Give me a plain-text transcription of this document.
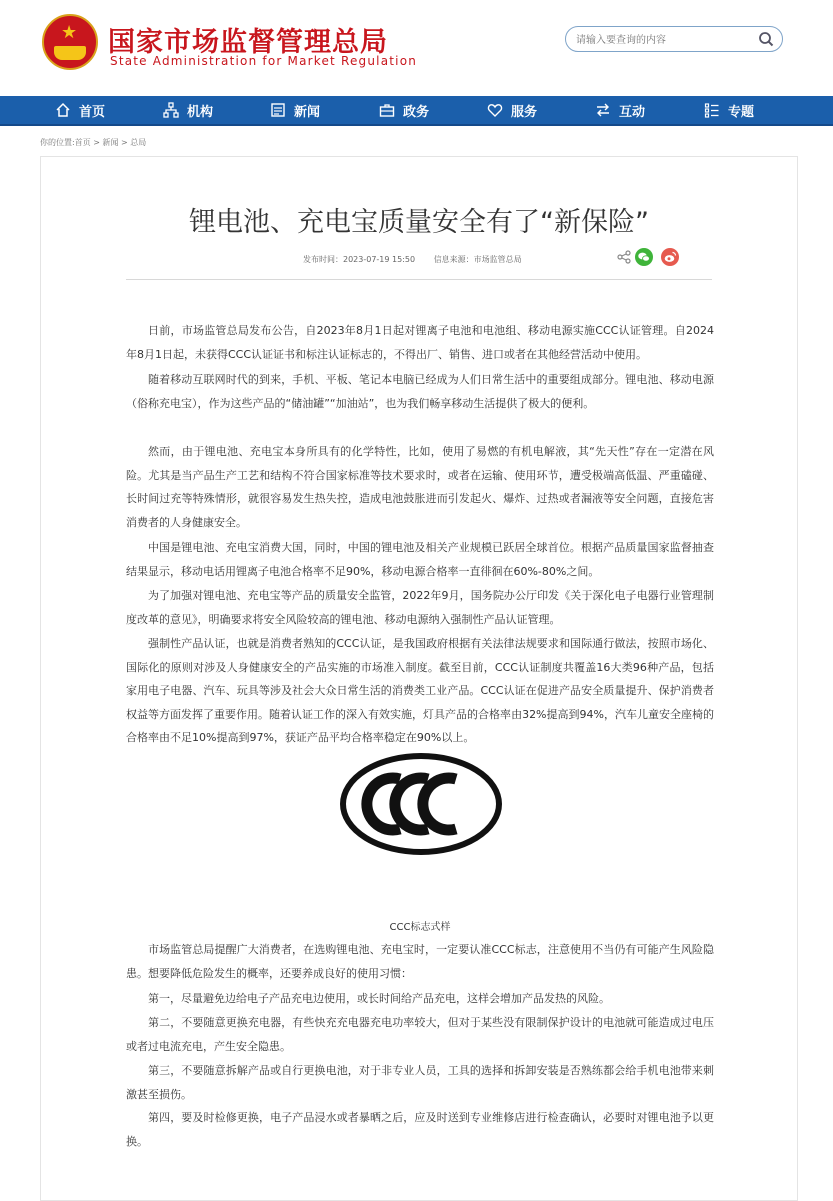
★ 国家市场监督管理总局
State Administration for Market Regulation
请输入要查询的内容
首页	机构	新闻	政务	服务	互动	专题
你的位置:首页 > 新闻 > 总局
锂电池、充电宝质量安全有了“新保险”
发布时间：2023-07-19 15:50 信息来源：市场监管总局

日前，市场监管总局发布公告，自2023年8月1日起对锂离子电池和电池组、移动电源实施CCC认证管理。自2024年8月1日起，未获得CCC认证证书和标注认证标志的，不得出厂、销售、进口或者在其他经营活动中使用。

随着移动互联网时代的到来，手机、平板、笔记本电脑已经成为人们日常生活中的重要组成部分。锂电池、移动电源（俗称充电宝），作为这些产品的“储油罐”“加油站”，也为我们畅享移动生活提供了极大的便利。

然而，由于锂电池、充电宝本身所具有的化学特性，比如，使用了易燃的有机电解液，其“先天性”存在一定潜在风险。尤其是当产品生产工艺和结构不符合国家标准等技术要求时，或者在运输、使用环节，遭受极端高低温、严重磕碰、长时间过充等特殊情形，就很容易发生热失控，造成电池鼓胀进而引发起火、爆炸、过热或者漏液等安全问题，直接危害消费者的人身健康安全。

中国是锂电池、充电宝消费大国，同时，中国的锂电池及相关产业规模已跃居全球首位。根据产品质量国家监督抽查结果显示，移动电话用锂离子电池合格率不足90%，移动电源合格率一直徘徊在60%-80%之间。

为了加强对锂电池、充电宝等产品的质量安全监管，2022年9月，国务院办公厅印发《关于深化电子电器行业管理制度改革的意见》，明确要求将安全风险较高的锂电池、移动电源纳入强制性产品认证管理。

强制性产品认证，也就是消费者熟知的CCC认证，是我国政府根据有关法律法规要求和国际通行做法，按照市场化、国际化的原则对涉及人身健康安全的产品实施的市场准入制度。截至目前，CCC认证制度共覆盖16大类96种产品，包括家用电子电器、汽车、玩具等涉及社会大众日常生活的消费类工业产品。CCC认证在促进产品安全质量提升、保护消费者权益等方面发挥了重要作用。随着认证工作的深入有效实施，灯具产品的合格率由32%提高到94%，汽车儿童安全座椅的合格率由不足10%提高到97%，获证产品平均合格率稳定在90%以上。

CCC标志式样

市场监管总局提醒广大消费者，在选购锂电池、充电宝时，一定要认准CCC标志，注意使用不当仍有可能产生风险隐患。想要降低危险发生的概率，还要养成良好的使用习惯：

第一，尽量避免边给电子产品充电边使用，或长时间给产品充电，这样会增加产品发热的风险。

第二，不要随意更换充电器，有些快充充电器充电功率较大，但对于某些没有限制保护设计的电池就可能造成过电压或者过电流充电，产生安全隐患。

第三，不要随意拆解产品或自行更换电池，对于非专业人员，工具的选择和拆卸安装是否熟练都会给手机电池带来刺激甚至损伤。

第四，要及时检修更换，电子产品浸水或者暴晒之后，应及时送到专业维修店进行检查确认，必要时对锂电池予以更换。
